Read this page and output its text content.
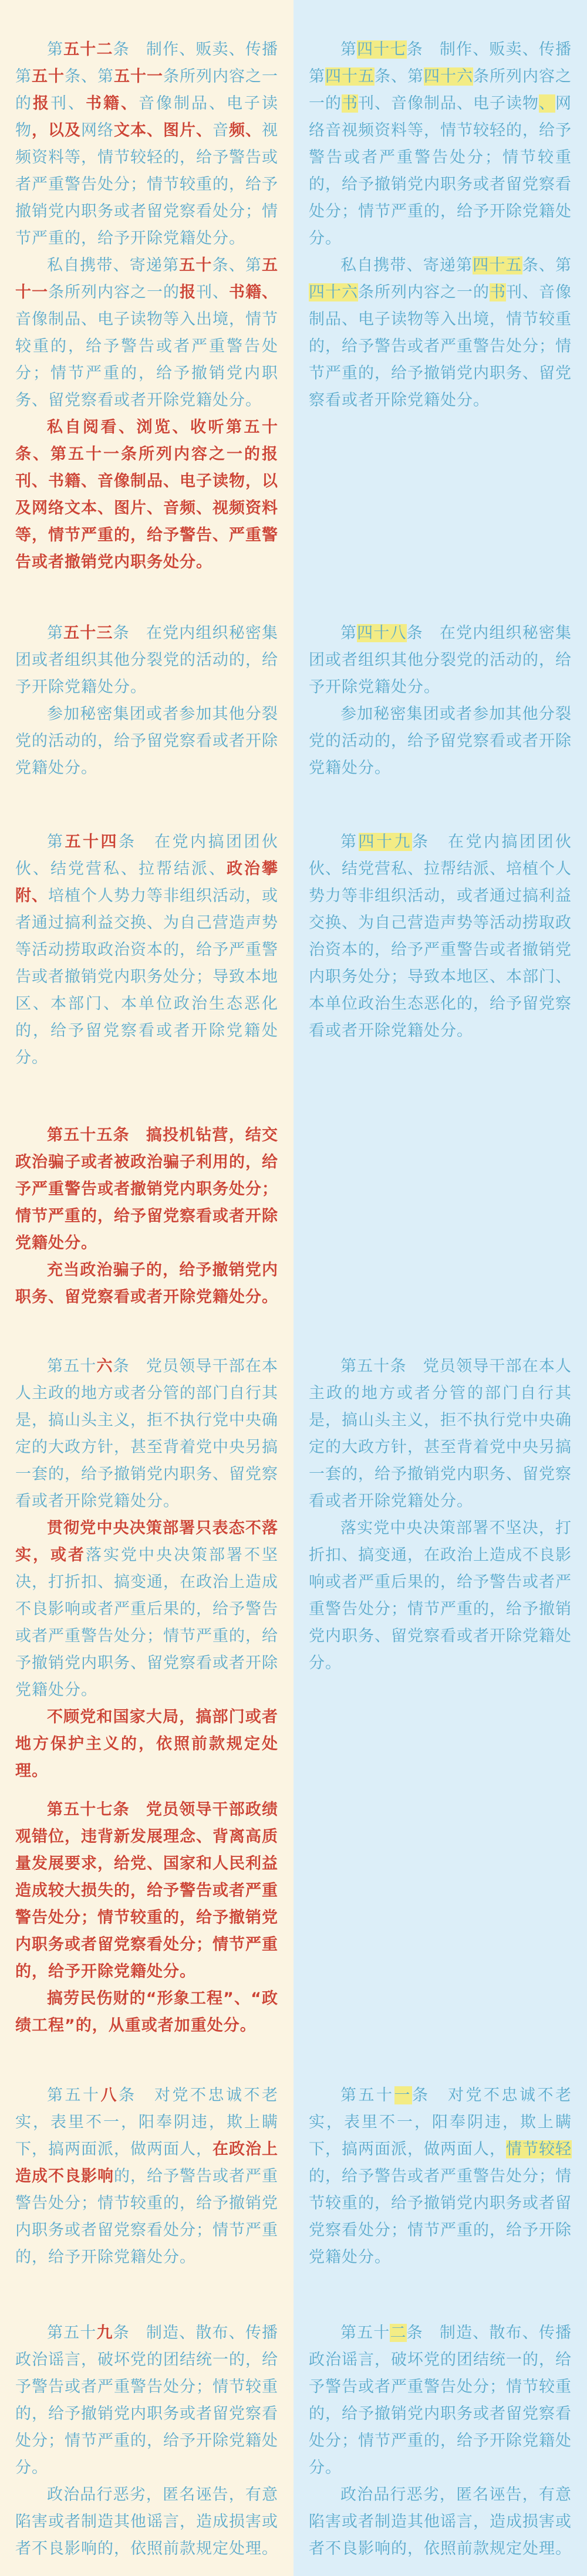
第五十二条　制作、贩卖、传播第五十条、第五十一条所列内容之一的报刊、书籍、音像制品、电子读物，以及网络文本、图片、音频、视频资料等，情节较轻的，给予警告或者严重警告处分；情节较重的，给予撤销党内职务或者留党察看处分；情节严重的，给予开除党籍处分。

私自携带、寄递第五十条、第五十一条所列内容之一的报刊、书籍、音像制品、电子读物等入出境，情节较重的，给予警告或者严重警告处分；情节严重的，给予撤销党内职务、留党察看或者开除党籍处分。

私自阅看、浏览、收听第五十条、第五十一条所列内容之一的报刊、书籍、音像制品、电子读物，以及网络文本、图片、音频、视频资料等，情节严重的，给予警告、严重警告或者撤销党内职务处分。

第五十三条　在党内组织秘密集团或者组织其他分裂党的活动的，给予开除党籍处分。

参加秘密集团或者参加其他分裂党的活动的，给予留党察看或者开除党籍处分。

第五十四条　在党内搞团团伙伙、结党营私、拉帮结派、政治攀附、培植个人势力等非组织活动，或者通过搞利益交换、为自己营造声势等活动捞取政治资本的，给予严重警告或者撤销党内职务处分；导致本地区、本部门、本单位政治生态恶化的，给予留党察看或者开除党籍处分。

第五十五条　搞投机钻营，结交政治骗子或者被政治骗子利用的，给予严重警告或者撤销党内职务处分；情节严重的，给予留党察看或者开除党籍处分。

充当政治骗子的，给予撤销党内职务、留党察看或者开除党籍处分。

第五十六条　党员领导干部在本人主政的地方或者分管的部门自行其是，搞山头主义，拒不执行党中央确定的大政方针，甚至背着党中央另搞一套的，给予撤销党内职务、留党察看或者开除党籍处分。

贯彻党中央决策部署只表态不落实，或者落实党中央决策部署不坚决，打折扣、搞变通，在政治上造成不良影响或者严重后果的，给予警告或者严重警告处分；情节严重的，给予撤销党内职务、留党察看或者开除党籍处分。

不顾党和国家大局，搞部门或者地方保护主义的，依照前款规定处理。

第五十七条　党员领导干部政绩观错位，违背新发展理念、背离高质量发展要求，给党、国家和人民利益造成较大损失的，给予警告或者严重警告处分；情节较重的，给予撤销党内职务或者留党察看处分；情节严重的，给予开除党籍处分。

搞劳民伤财的“形象工程”、“政绩工程”的，从重或者加重处分。

第五十八条　对党不忠诚不老实，表里不一，阳奉阴违，欺上瞒下，搞两面派，做两面人，在政治上造成不良影响的，给予警告或者严重警告处分；情节较重的，给予撤销党内职务或者留党察看处分；情节严重的，给予开除党籍处分。

第五十九条　制造、散布、传播政治谣言，破坏党的团结统一的，给予警告或者严重警告处分；情节较重的，给予撤销党内职务或者留党察看处分；情节严重的，给予开除党籍处分。

政治品行恶劣，匿名诬告，有意陷害或者制造其他谣言，造成损害或者不良影响的，依照前款规定处理。

第四十七条　制作、贩卖、传播第四十五条、第四十六条所列内容之一的书刊、音像制品、电子读物、网络音视频资料等，情节较轻的，给予警告或者严重警告处分；情节较重的，给予撤销党内职务或者留党察看处分；情节严重的，给予开除党籍处分。

私自携带、寄递第四十五条、第四十六条所列内容之一的书刊、音像制品、电子读物等入出境，情节较重的，给予警告或者严重警告处分；情节严重的，给予撤销党内职务、留党察看或者开除党籍处分。

第四十八条　在党内组织秘密集团或者组织其他分裂党的活动的，给予开除党籍处分。

参加秘密集团或者参加其他分裂党的活动的，给予留党察看或者开除党籍处分。

第四十九条　在党内搞团团伙伙、结党营私、拉帮结派、培植个人势力等非组织活动，或者通过搞利益交换、为自己营造声势等活动捞取政治资本的，给予严重警告或者撤销党内职务处分；导致本地区、本部门、本单位政治生态恶化的，给予留党察看或者开除党籍处分。

第五十条　党员领导干部在本人主政的地方或者分管的部门自行其是，搞山头主义，拒不执行党中央确定的大政方针，甚至背着党中央另搞一套的，给予撤销党内职务、留党察看或者开除党籍处分。

落实党中央决策部署不坚决，打折扣、搞变通，在政治上造成不良影响或者严重后果的，给予警告或者严重警告处分；情节严重的，给予撤销党内职务、留党察看或者开除党籍处分。

第五十一条　对党不忠诚不老实，表里不一，阳奉阴违，欺上瞒下，搞两面派，做两面人，情节较轻的，给予警告或者严重警告处分；情节较重的，给予撤销党内职务或者留党察看处分；情节严重的，给予开除党籍处分。

第五十二条　制造、散布、传播政治谣言，破坏党的团结统一的，给予警告或者严重警告处分；情节较重的，给予撤销党内职务或者留党察看处分；情节严重的，给予开除党籍处分。

政治品行恶劣，匿名诬告，有意陷害或者制造其他谣言，造成损害或者不良影响的，依照前款规定处理。
